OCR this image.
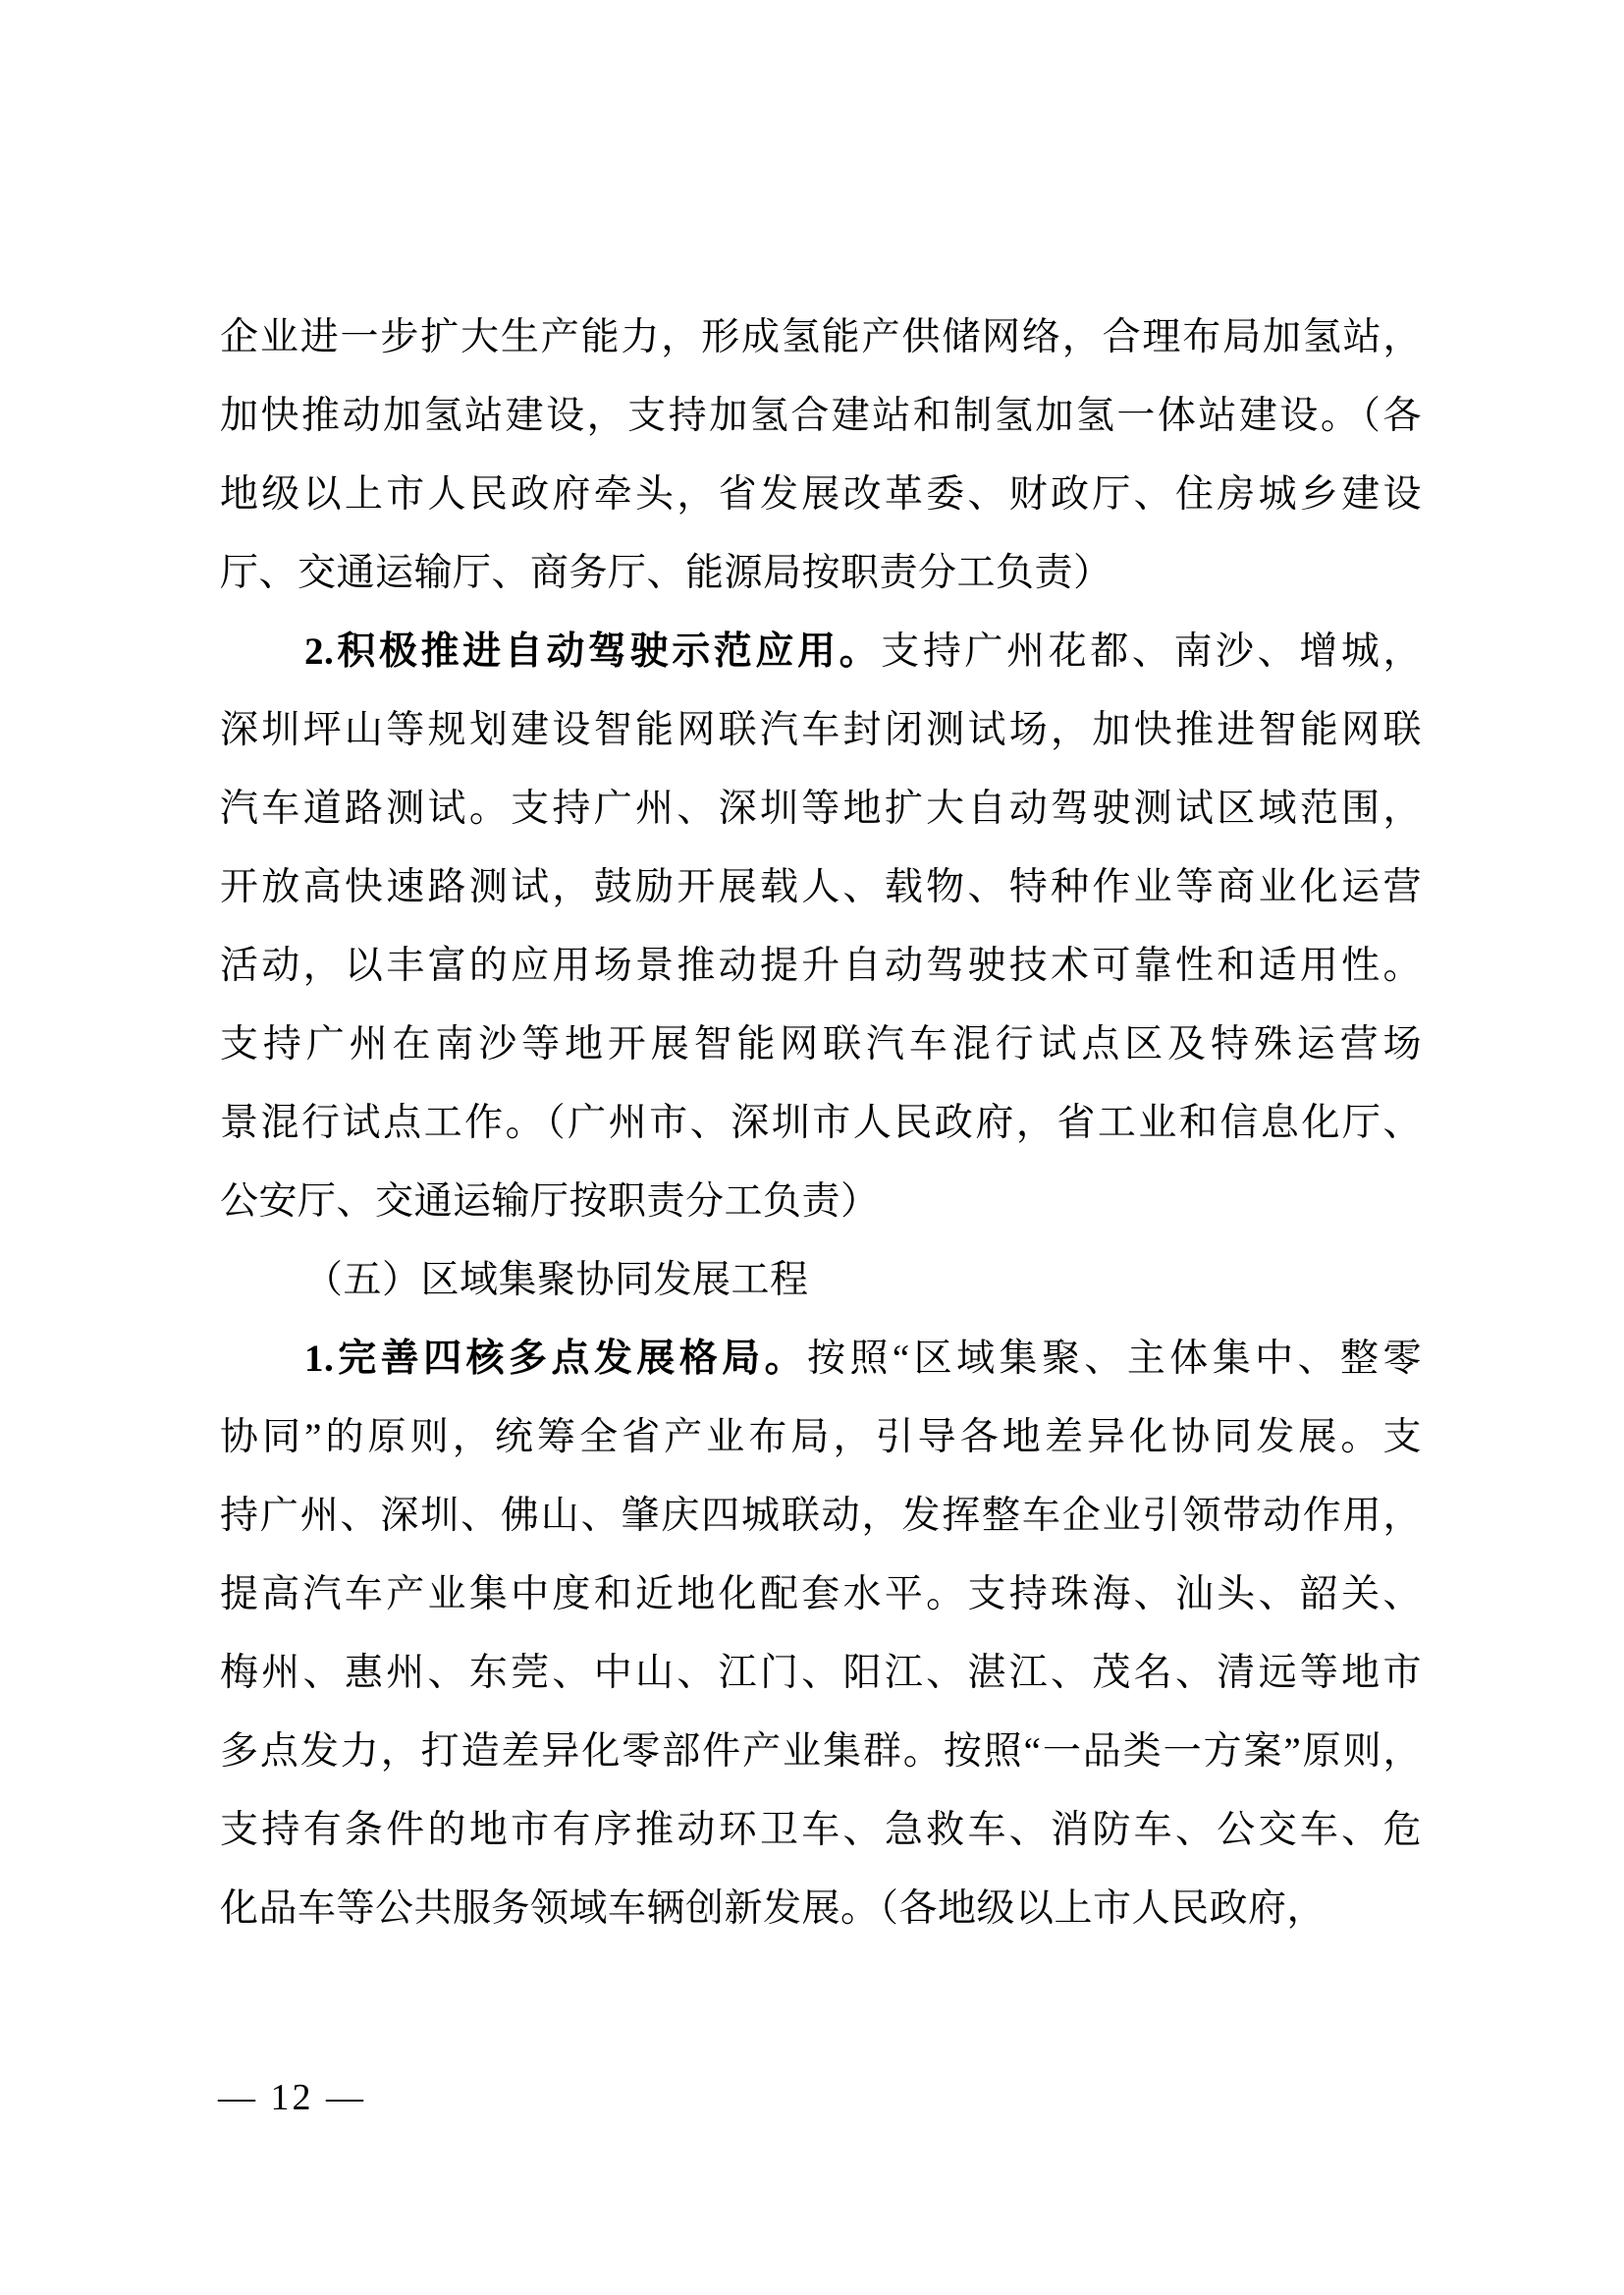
企业进一步扩大生产能力，形成氢能产供储网络，合理布局加氢站，
加快推动加氢站建设，支持加氢合建站和制氢加氢一体站建设。（各
地级以上市人民政府牵头，省发展改革委、财政厅、住房城乡建设
厅、交通运输厅、商务厅、能源局按职责分工负责）
2.积极推进自动驾驶示范应用。支持广州花都、南沙、增城，
深圳坪山等规划建设智能网联汽车封闭测试场，加快推进智能网联
汽车道路测试。支持广州、深圳等地扩大自动驾驶测试区域范围，
开放高快速路测试，鼓励开展载人、载物、特种作业等商业化运营
活动，以丰富的应用场景推动提升自动驾驶技术可靠性和适用性。
支持广州在南沙等地开展智能网联汽车混行试点区及特殊运营场
景混行试点工作。（广州市、深圳市人民政府，省工业和信息化厅、
公安厅、交通运输厅按职责分工负责）
（五）区域集聚协同发展工程
1.完善四核多点发展格局。按照“区域集聚、主体集中、整零
协同”的原则，统筹全省产业布局，引导各地差异化协同发展。支
持广州、深圳、佛山、肇庆四城联动，发挥整车企业引领带动作用，
提高汽车产业集中度和近地化配套水平。支持珠海、汕头、韶关、
梅州、惠州、东莞、中山、江门、阳江、湛江、茂名、清远等地市
多点发力，打造差异化零部件产业集群。按照“一品类一方案”原则，
支持有条件的地市有序推动环卫车、急救车、消防车、公交车、危
化品车等公共服务领域车辆创新发展。（各地级以上市人民政府，
— 12 —
